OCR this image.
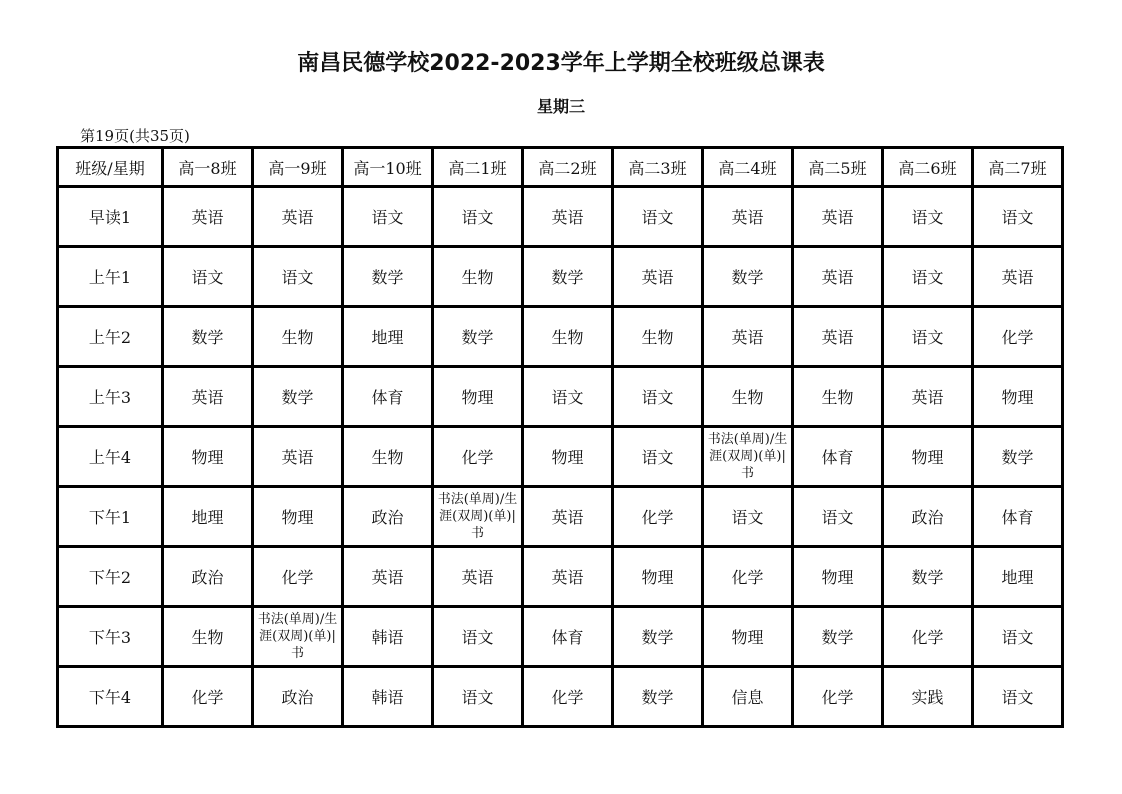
南昌民德学校2022-2023学年上学期全校班级总课表
星期三
第19页(共35页)
班级/星期	高一8班	高一9班	高一10班	高二1班	高二2班	高二3班	高二4班	高二5班	高二6班	高二7班
早读1	英语	英语	语文	语文	英语	语文	英语	英语	语文	语文
上午1	语文	语文	数学	生物	数学	英语	数学	英语	语文	英语
上午2	数学	生物	地理	数学	生物	生物	英语	英语	语文	化学
上午3	英语	数学	体育	物理	语文	语文	生物	生物	英语	物理
上午4	物理	英语	生物	化学	物理	语文	书法(单周)/生涯(双周)(单)|书	体育	物理	数学
下午1	地理	物理	政治	书法(单周)/生涯(双周)(单)|书	英语	化学	语文	语文	政治	体育
下午2	政治	化学	英语	英语	英语	物理	化学	物理	数学	地理
下午3	生物	书法(单周)/生涯(双周)(单)|书	韩语	语文	体育	数学	物理	数学	化学	语文
下午4	化学	政治	韩语	语文	化学	数学	信息	化学	实践	语文
